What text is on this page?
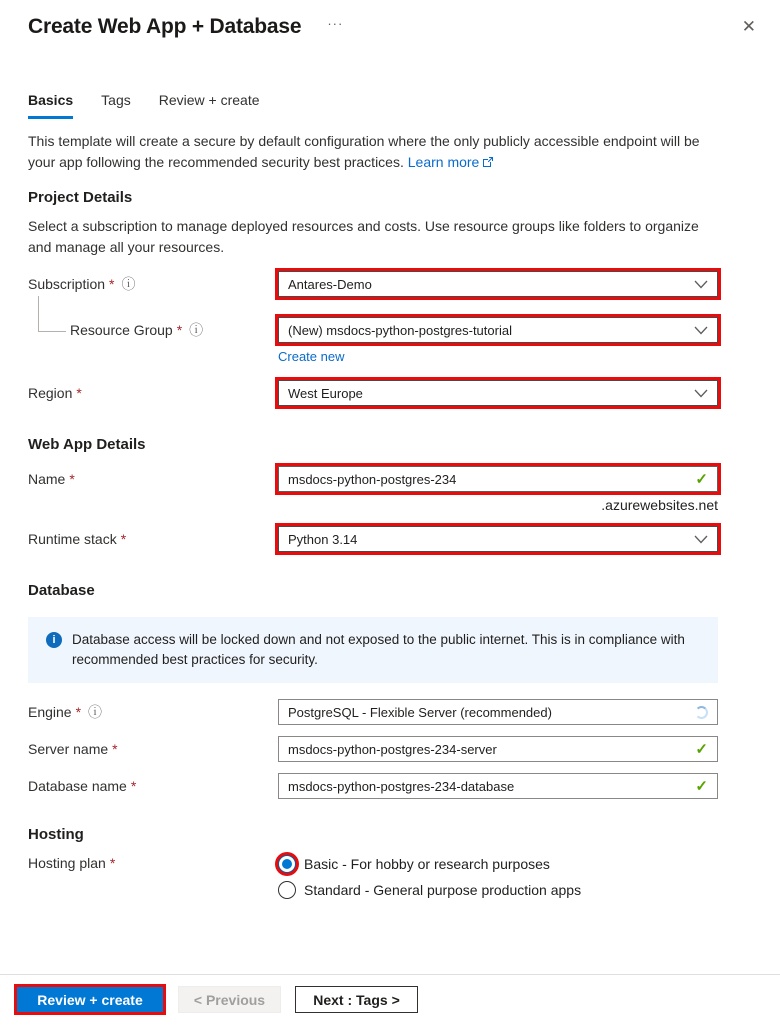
Create Web App + Database ···	✕
Basics Tags Review + create

This template will create a secure by default configuration where the only publicly accessible endpoint will be your app following the recommended security best practices. Learn more

Project Details

Select a subscription to manage deployed resources and costs. Use resource groups like folders to organize and manage all your resources.

Subscription * ⓘ	Antares-Demo
Resource Group * ⓘ	(New) msdocs-python-postgres-tutorial
Create new
Region *	West Europe
Web App Details
Name *	msdocs-python-postgres-234	✓
.azurewebsites.net
Runtime stack *	Python 3.14
Database
i	Database access will be locked down and not exposed to the public internet. This is in compliance with recommended best practices for security.
Engine * ⓘ	PostgreSQL - Flexible Server (recommended)
Server name *	msdocs-python-postgres-234-server	✓
Database name *	msdocs-python-postgres-234-database	✓
Hosting
Hosting plan *	Basic - For hobby or research purposes
Standard - General purpose production apps
Review + create	< Previous	Next : Tags >
